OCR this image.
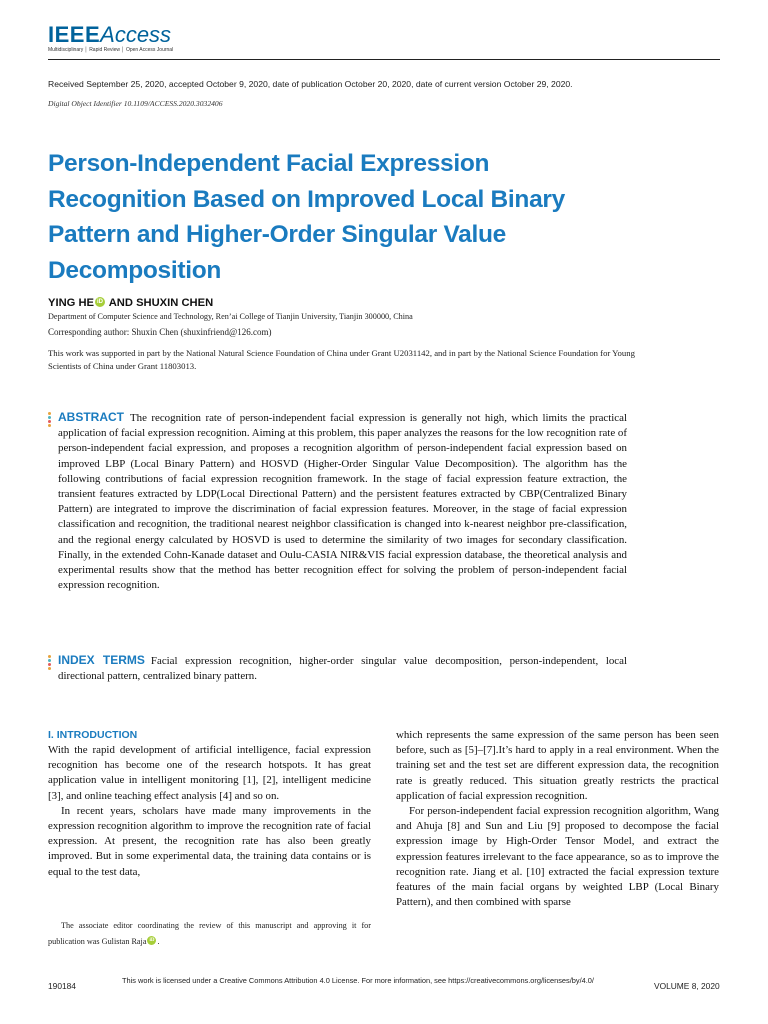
IEEEAccess
Multidisciplinary │ Rapid Review │ Open Access Journal
Received September 25, 2020, accepted October 9, 2020, date of publication October 20, 2020, date of current version October 29, 2020.
Digital Object Identifier 10.1109/ACCESS.2020.3032406
Person-Independent Facial Expression Recognition Based on Improved Local Binary Pattern and Higher-Order Singular Value Decomposition
YING HE iD AND SHUXIN CHEN
Department of Computer Science and Technology, Ren’ai College of Tianjin University, Tianjin 300000, China
Corresponding author: Shuxin Chen (shuxinfriend@126.com)
This work was supported in part by the National Natural Science Foundation of China under Grant U2031142, and in part by the National Science Foundation for Young Scientists of China under Grant 11803013.
ABSTRACT The recognition rate of person-independent facial expression is generally not high, which limits the practical application of facial expression recognition. Aiming at this problem, this paper analyzes the reasons for the low recognition rate of person-independent facial expression, and proposes a recognition algorithm of person-independent facial expression based on improved LBP (Local Binary Pattern) and HOSVD (Higher-Order Singular Value Decomposition). The algorithm has the following contributions of facial expression recognition framework. In the stage of facial expression feature extraction, the transient features extracted by LDP(Local Directional Pattern) and the persistent features extracted by CBP(Centralized Binary Pattern) are integrated to improve the discrimination of facial expression features. Moreover, in the stage of facial expression classification and recognition, the traditional nearest neighbor classification is changed into k-nearest neighbor pre-classification, and the regional energy calculated by HOSVD is used to determine the similarity of two images for secondary classification. Finally, in the extended Cohn-Kanade dataset and Oulu-CASIA NIR&VIS facial expression database, the theoretical analysis and experimental results show that the method has better recognition effect for solving the problem of person-independent facial expression recognition.
INDEX TERMS Facial expression recognition, higher-order singular value decomposition, person-independent, local directional pattern, centralized binary pattern.
I. INTRODUCTION

With the rapid development of artificial intelligence, facial expression recognition has become one of the research hotspots. It has great application value in intelligent monitoring [1], [2], intelligent medicine [3], and online teaching effect analysis [4] and so on.

In recent years, scholars have made many improvements in the expression recognition algorithm to improve the recognition rate of facial expression. At present, the recognition rate has also been greatly improved. But in some experimental data, the training data contains or is equal to the test data,

The associate editor coordinating the review of this manuscript and approving it for publication was Gulistan Raja iD .

which represents the same expression of the same person has been seen before, such as [5]–[7].It’s hard to apply in a real environment. When the training set and the test set are different expression data, the recognition rate is greatly reduced. This situation greatly restricts the practical application of facial expression recognition.

For person-independent facial expression recognition algorithm, Wang and Ahuja [8] and Sun and Liu [9] proposed to decompose the facial expression image by High-Order Tensor Model, and extract the expression features irrelevant to the face appearance, so as to improve the recognition rate. Jiang et al. [10] extracted the facial expression texture features of the main facial organs by weighted LBP (Local Binary Pattern), and then combined with sparse

190184
This work is licensed under a Creative Commons Attribution 4.0 License. For more information, see https://creativecommons.org/licenses/by/4.0/
VOLUME 8, 2020
